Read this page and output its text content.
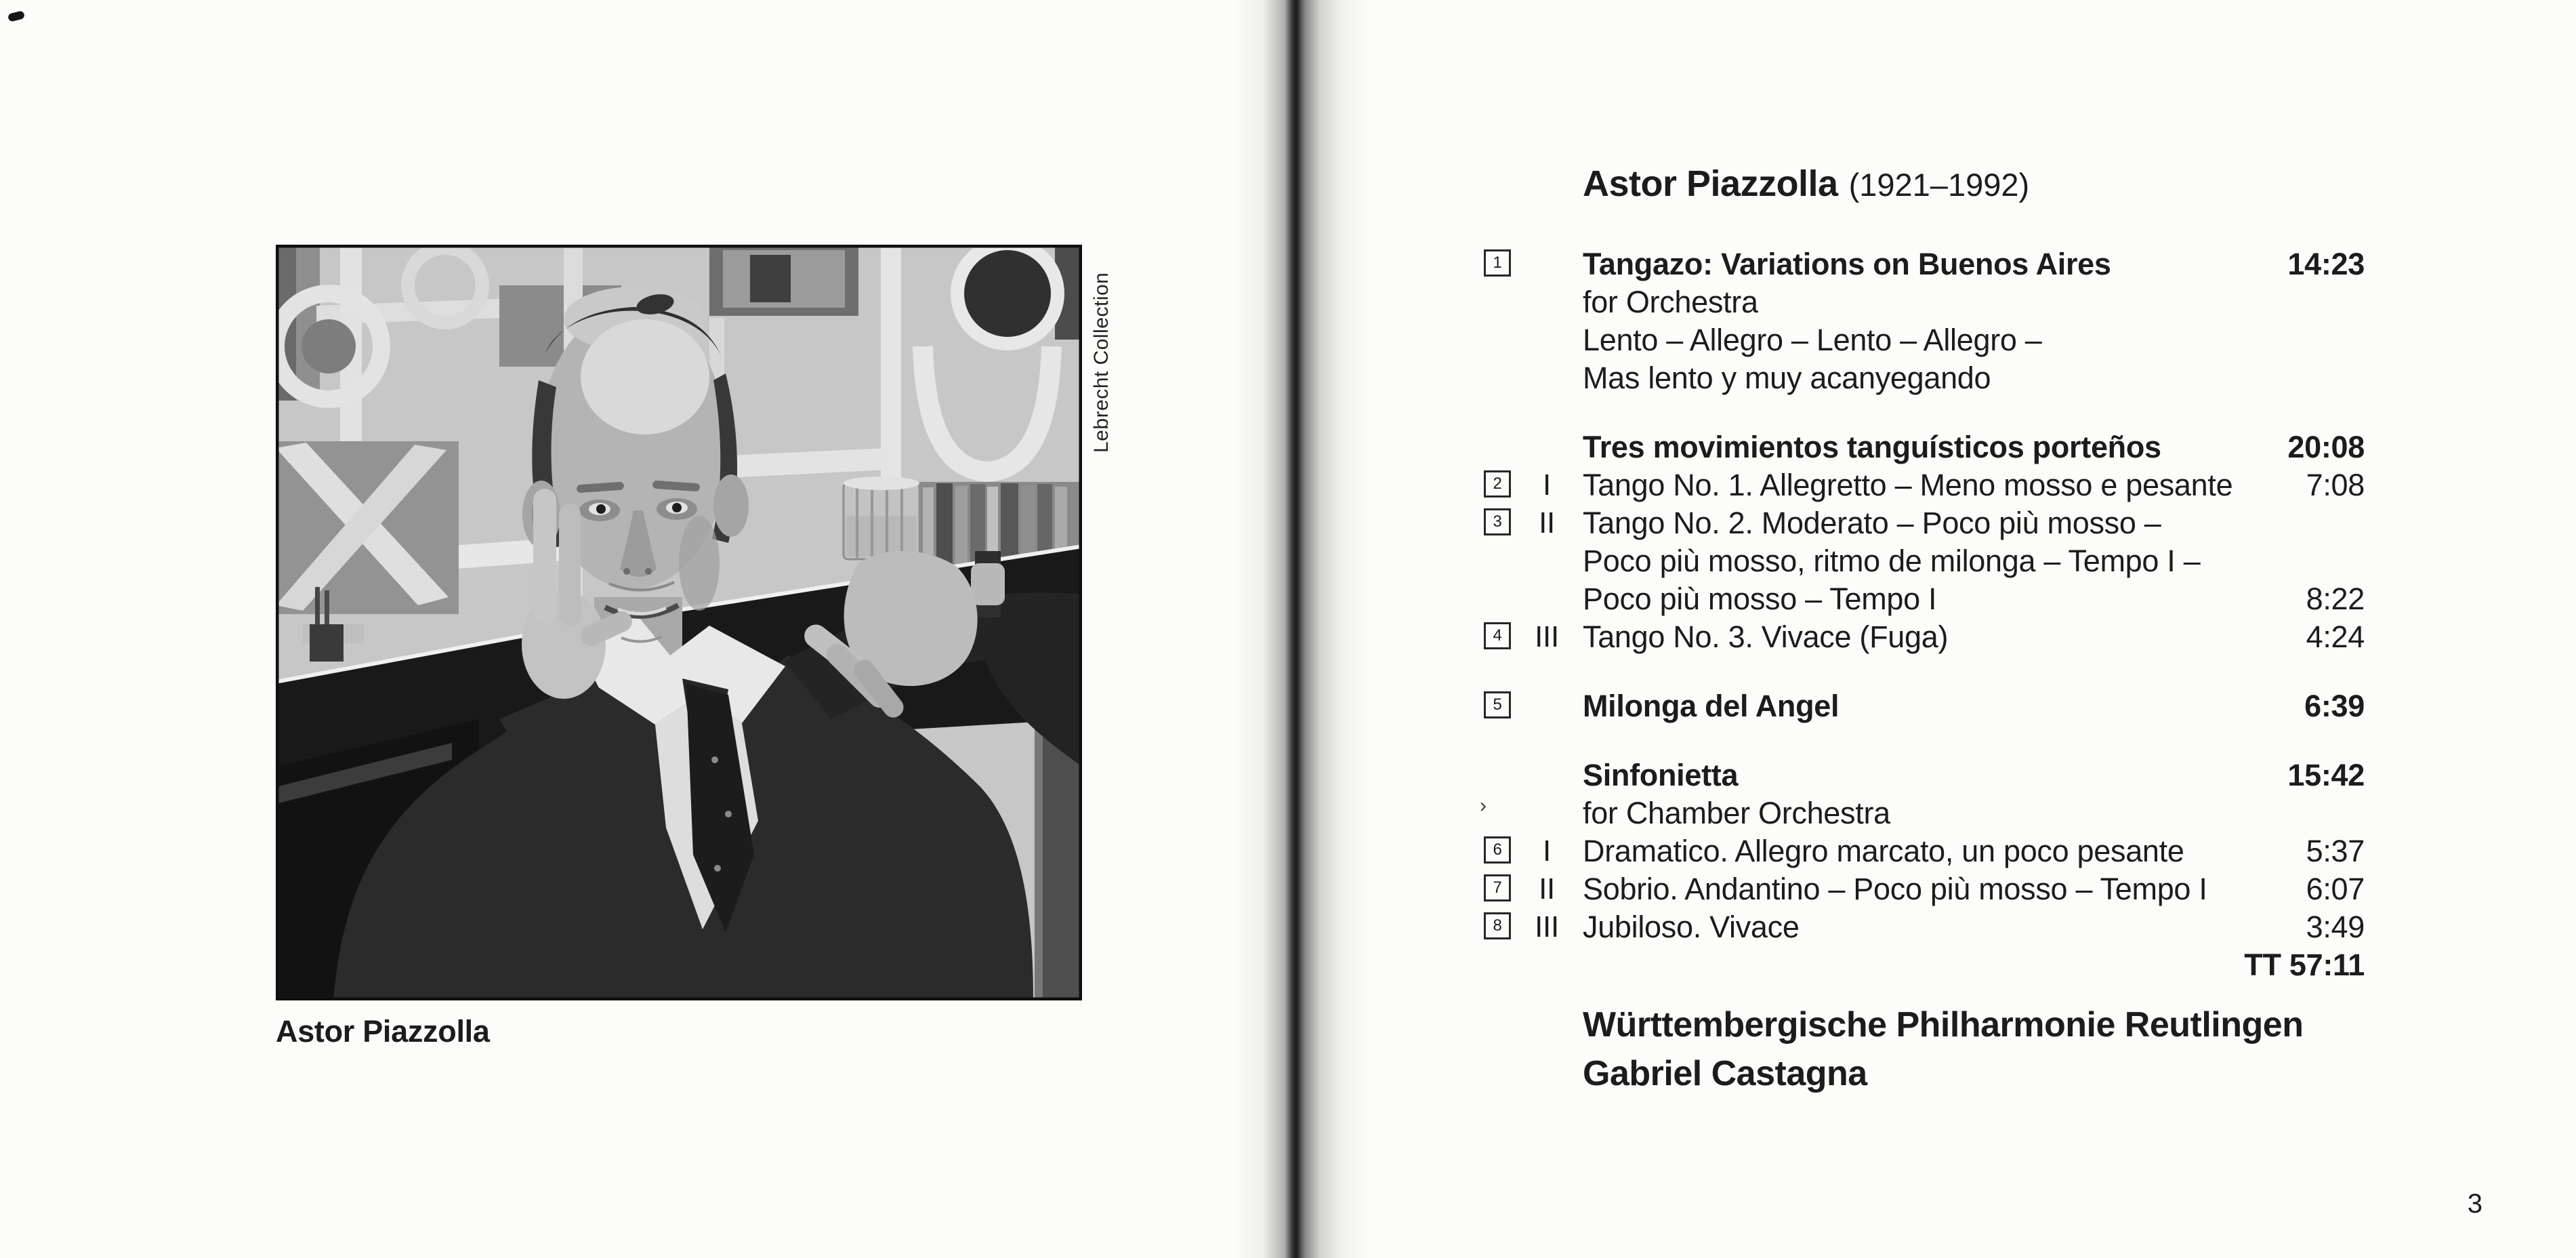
Lebrecht Collection
Astor Piazzolla
Astor Piazzolla (1921–1992)
›
1	Tangazo: Variations on Buenos Aires	14:23
for Orchestra
Lento – Allegro – Lento – Allegro –
Mas lento y muy acanyegando
Tres movimientos tanguísticos porteños	20:08
2	I	Tango No. 1. Allegretto – Meno mosso e pesante	7:08
3	II Tango No. 2. Moderato – Poco più mosso –
Poco più mosso, ritmo de milonga – Tempo I –
Poco più mosso – Tempo I	8:22
4	III Tango No. 3. Vivace (Fuga)	4:24
5	Milonga del Angel	6:39
Sinfonietta	15:42
for Chamber Orchestra
6	I	Dramatico. Allegro marcato, un poco pesante	5:37
7	II Sobrio. Andantino – Poco più mosso – Tempo I	6:07
8	III Jubiloso. Vivace	3:49
TT 57:11
Württembergische Philharmonie Reutlingen
Gabriel Castagna
3
